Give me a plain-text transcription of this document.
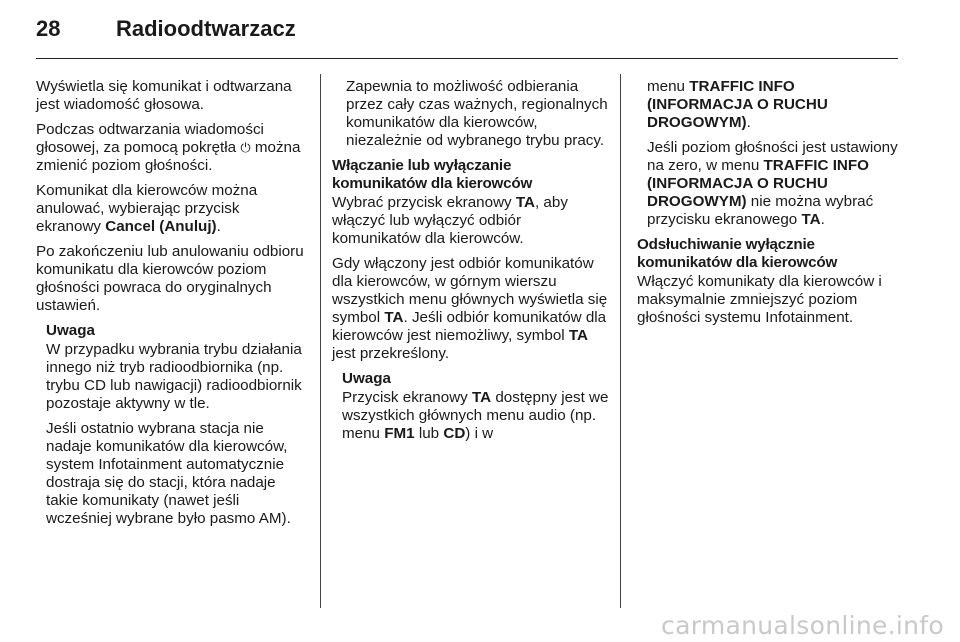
28	Radioodtwarzacz

Wyświetla się komunikat i odtwarzana jest wiadomość głosowa.

Podczas odtwarzania wiadomości głosowej, za pomocą pokrętła ⏻ można zmienić poziom głośności.

Komunikat dla kierowców można anulować, wybierając przycisk ekranowy Cancel (Anuluj).

Po zakończeniu lub anulowaniu odbioru komunikatu dla kierowców poziom głośności powraca do oryginalnych ustawień.

Uwaga

W przypadku wybrania trybu działania innego niż tryb radioodbiornika (np. trybu CD lub nawigacji) radioodbiornik pozostaje aktywny w tle.

Jeśli ostatnio wybrana stacja nie nadaje komunikatów dla kierowców, system Infotainment automatycznie dostraja się do stacji, która nadaje takie komunikaty (nawet jeśli wcześniej wybrane było pasmo AM).

Zapewnia to możliwość odbierania przez cały czas ważnych, regionalnych komunikatów dla kierowców, niezależnie od wybranego trybu pracy.

Włączanie lub wyłączanie komunikatów dla kierowców

Wybrać przycisk ekranowy TA, aby włączyć lub wyłączyć odbiór komunikatów dla kierowców.

Gdy włączony jest odbiór komunikatów dla kierowców, w górnym wierszu wszystkich menu głównych wyświetla się symbol TA. Jeśli odbiór komunikatów dla kierowców jest niemożliwy, symbol TA jest przekreślony.

Uwaga

Przycisk ekranowy TA dostępny jest we wszystkich głównych menu audio (np. menu FM1 lub CD) i w

menu TRAFFIC INFO (INFORMACJA O RUCHU DROGOWYM).

Jeśli poziom głośności jest ustawiony na zero, w menu TRAFFIC INFO (INFORMACJA O RUCHU DROGOWYM) nie można wybrać przycisku ekranowego TA.

Odsłuchiwanie wyłącznie komunikatów dla kierowców

Włączyć komunikaty dla kierowców i maksymalnie zmniejszyć poziom głośności systemu Infotainment.

carmanualsonline.info
